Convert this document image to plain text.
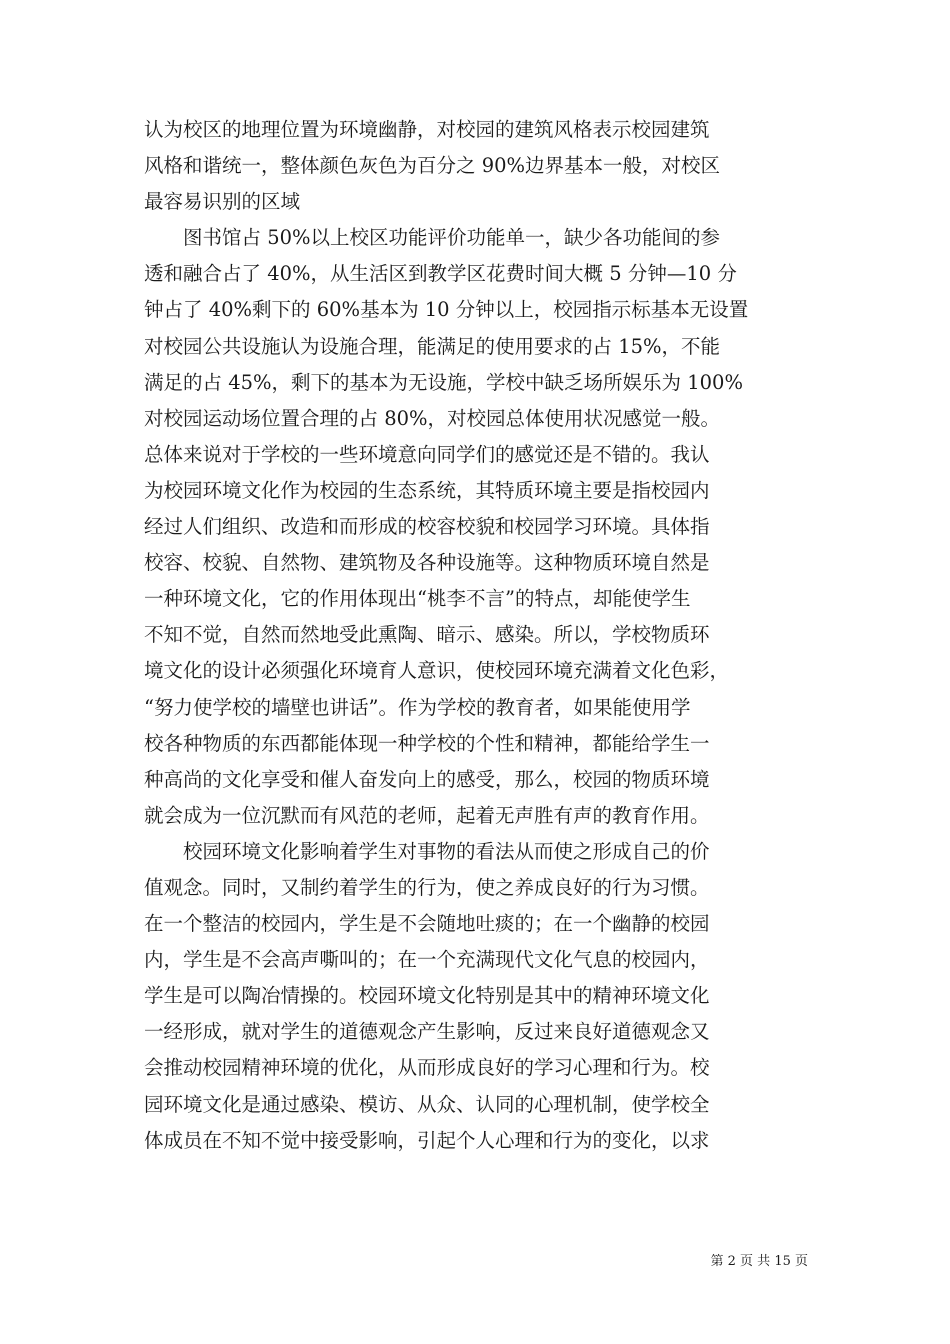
认为校区的地理位置为环境幽静，对校园的建筑风格表示校园建筑
风格和谐统一，整体颜色灰色为百分之 90%边界基本一般，对校区
最容易识别的区域
　　图书馆占 50%以上校区功能评价功能单一，缺少各功能间的参
透和融合占了 40%，从生活区到教学区花费时间大概 5 分钟—10 分
钟占了 40%剩下的 60%基本为 10 分钟以上，校园指示标基本无设置
对校园公共设施认为设施合理，能满足的使用要求的占 15%，不能
满足的占 45%，剩下的基本为无设施，学校中缺乏场所娱乐为 100%
对校园运动场位置合理的占 80%，对校园总体使用状况感觉一般。
总体来说对于学校的一些环境意向同学们的感觉还是不错的。我认
为校园环境文化作为校园的生态系统，其特质环境主要是指校园内
经过人们组织、改造和而形成的校容校貌和校园学习环境。具体指
校容、校貌、自然物、建筑物及各种设施等。这种物质环境自然是
一种环境文化，它的作用体现出“桃李不言”的特点，却能使学生
不知不觉，自然而然地受此熏陶、暗示、感染。所以，学校物质环
境文化的设计必须强化环境育人意识，使校园环境充满着文化色彩，
“努力使学校的墙壁也讲话”。作为学校的教育者，如果能使用学
校各种物质的东西都能体现一种学校的个性和精神，都能给学生一
种高尚的文化享受和催人奋发向上的感受，那么，校园的物质环境
就会成为一位沉默而有风范的老师，起着无声胜有声的教育作用。
　　校园环境文化影响着学生对事物的看法从而使之形成自己的价
值观念。同时，又制约着学生的行为，使之养成良好的行为习惯。
在一个整洁的校园内，学生是不会随地吐痰的；在一个幽静的校园
内，学生是不会高声嘶叫的；在一个充满现代文化气息的校园内，
学生是可以陶冶情操的。校园环境文化特别是其中的精神环境文化
一经形成，就对学生的道德观念产生影响，反过来良好道德观念又
会推动校园精神环境的优化，从而形成良好的学习心理和行为。校
园环境文化是通过感染、模访、从众、认同的心理机制，使学校全
体成员在不知不觉中接受影响，引起个人心理和行为的变化，以求
第 2 页 共 15 页
